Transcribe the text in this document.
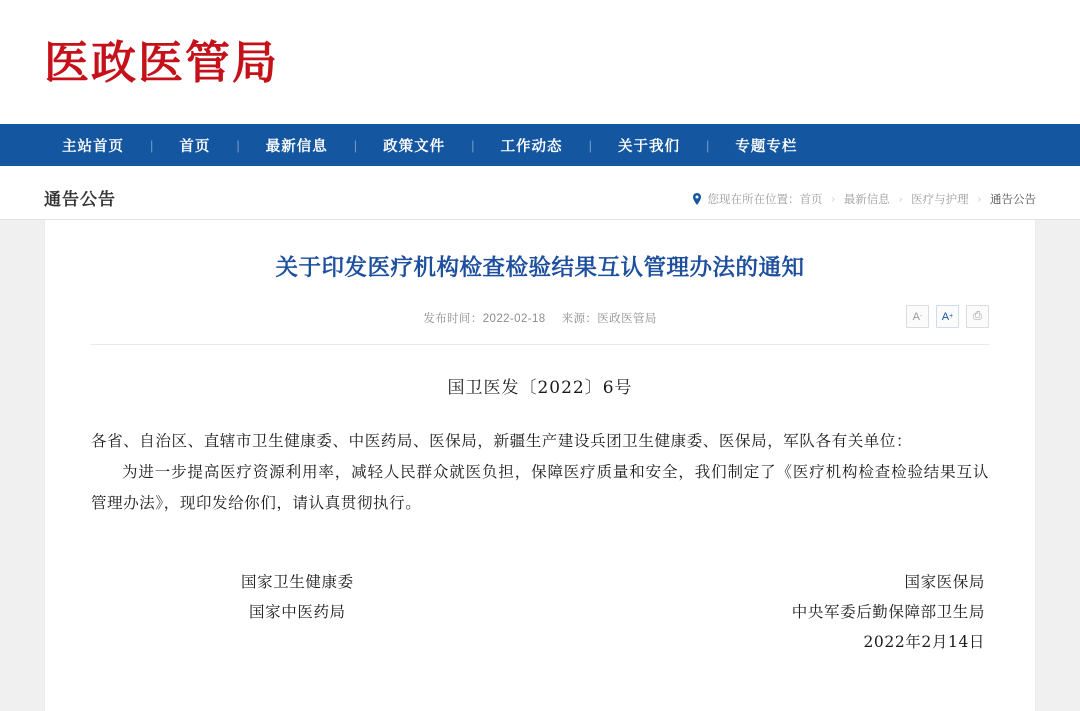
医政医管局
主站首页	|	首页	|	最新信息	|	政策文件	|	工作动态	|	关于我们	|	专题专栏
通告公告	您现在所在位置： 首页 › 最新信息 › 医疗与护理 › 通告公告
关于印发医疗机构检查检验结果互认管理办法的通知
发布时间：2022-02-18 来源：医政医管局	A - A + ⎙
国卫医发〔2022〕6号
各省、自治区、直辖市卫生健康委、中医药局、医保局，新疆生产建设兵团卫生健康委、医保局，军队各有关单位：
为进一步提高医疗资源利用率，减轻人民群众就医负担，保障医疗质量和安全，我们制定了《医疗机构检查检验结果互认管理办法》，现印发给你们，请认真贯彻执行。
国家卫生健康委
国家中医药局
国家医保局
中央军委后勤保障部卫生局
2022年2月14日
